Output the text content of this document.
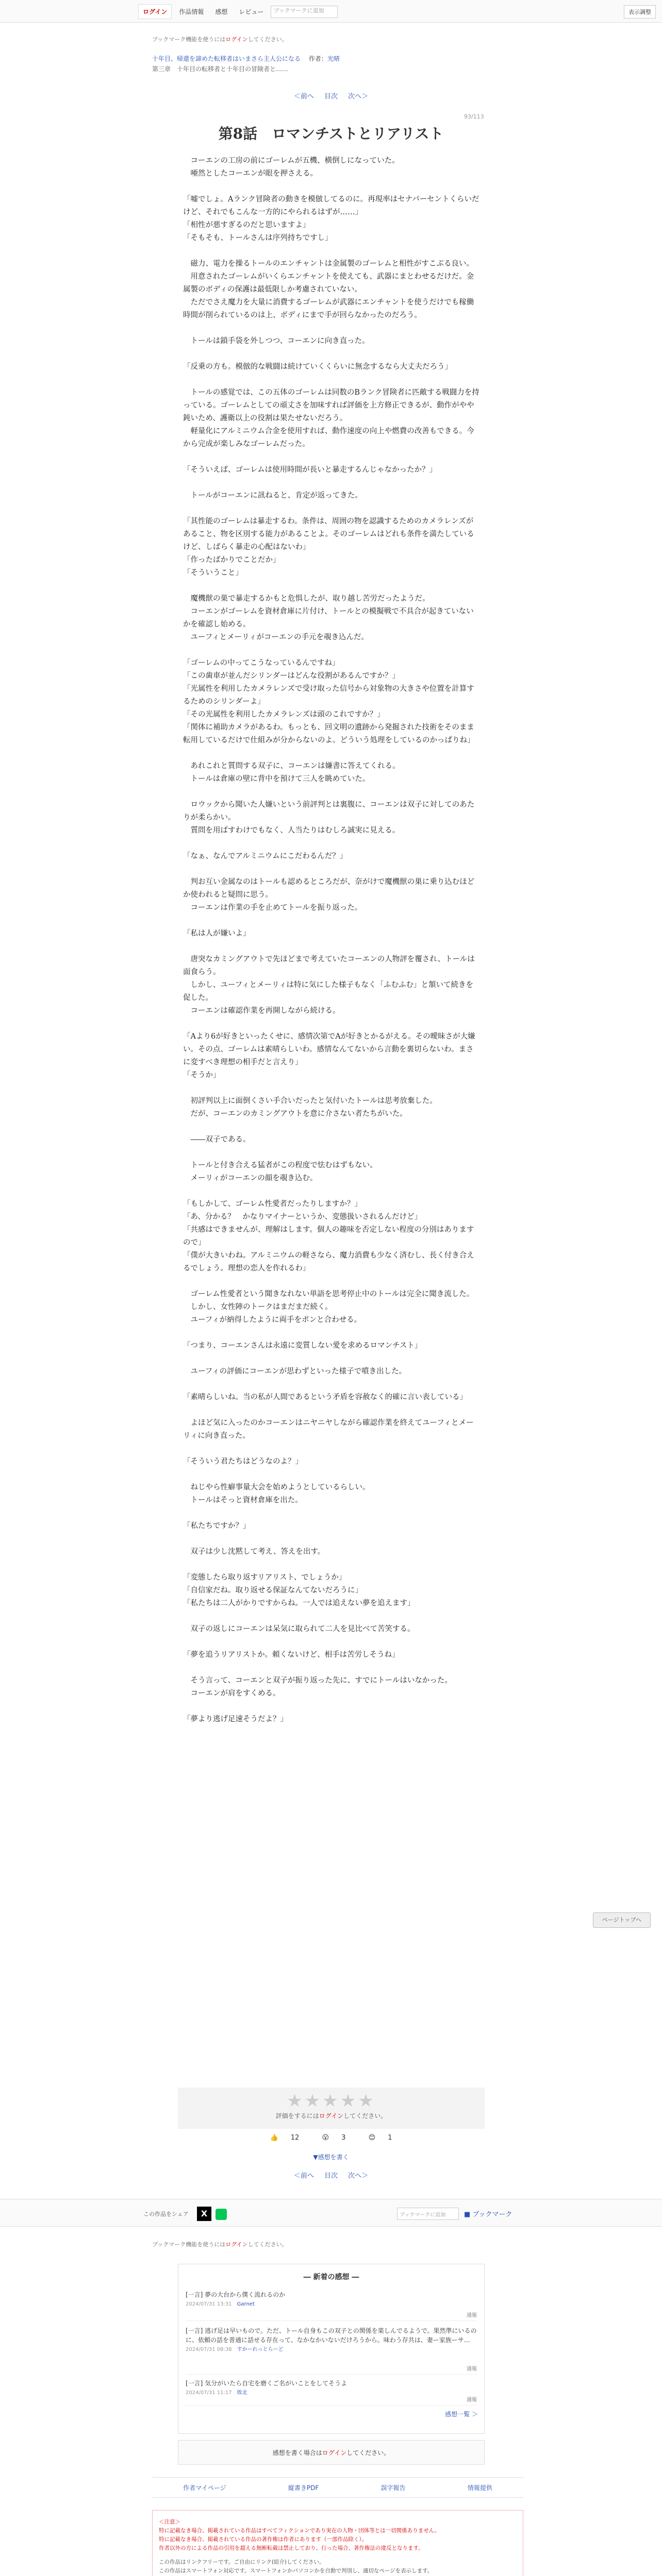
ログイン	作品情報	感想	レビュー	ブックマークに追加	表示調整
ブックマーク機能を使うにはログインしてください。
十年目、帰還を諦めた転移者はいまさら主人公になる 作者：光晴
第三章　十年目の転移者と十年目の冒険者と……
＜前へ 目次 次へ＞
93/113
第8話　ロマンチストとリアリスト

　コーエンの工房の前にゴーレムが五機、横倒しになっていた。

　唖然としたコーエンが眼を押さえる。

「嘘でしょ。Aランク冒険者の動きを模倣してるのに。再現率はセナパーセントくらいだけど、それでもこんな一方的にやられるはずが……」

「相性が悪すぎるのだと思いますよ」

「そもそも、トールさんは序列持ちですし」

　磁力、電力を操るトールのエンチャントは金属製のゴーレムと相性がすこぶる良い。

　用意されたゴーレムがいくらエンチャントを使えても、武器にまとわせるだけだ。金属製のボディの保護は最低限しか考慮されていない。

　ただでさえ魔力を大量に消費するゴーレムが武器にエンチャントを使うだけでも稼働時間が削られているのは上、ボディにまで手が回らなかったのだろう。

　トールは鎖手袋を外しつつ、コーエンに向き直った。

「反乗の方も。模倣的な戦闘は続けていくくらいに無念するなら大丈夫だろう」

　トールの感覚では、この五体のゴーレムは同数のBランク冒険者に匹敵する戦闘力を持っている。ゴーレムとしての頑丈さを加味すれば評価を上方修正できるが、動作がやや鈍いため、護衛以上の役割は果たせないだろう。

　軽量化にアルミニウム合金を使用すれば、動作速度の向上や燃費の改善もできる。今から完成が楽しみなゴーレムだった。

「そういえば、ゴーレムは使用時間が長いと暴走するんじゃなかったか？」

　トールがコーエンに訊ねると、肯定が返ってきた。

「其性能のゴーレムは暴走するわ。条件は、周囲の物を認識するためのカメラレンズがあること、物を区別する能力があることよ。そのゴーレムはどれも条件を満たしているけど、しばらく暴走の心配はないわ」

「作ったばかりでことだか」

「そういうこと」

　魔機獣の巣で暴走するかもと危惧したが、取り越し苦労だったようだ。

　コーエンがゴーレムを資材倉庫に片付け、トールとの模擬戦で不具合が起きていないかを確認し始める。

　ユーフィとメーリィがコーエンの手元を覗き込んだ。

「ゴーレムの中ってこうなっているんですね」

「この歯車が並んだシリンダーはどんな役割があるんですか？」

「光属性を利用したカメラレンズで受け取った信号から対象物の大きさや位置を計算するためのシリンダーよ」

「その光属性を利用したカメラレンズは頭のこれですか？」

「関体に補助カメラがあるわ。もっとも、回文明の遺跡から発掘された技術をそのまま転用しているだけで仕組みが分からないのよ。どういう処理をしているのかっぱりね」

　あれこれと質問する双子に、コーエンは嫌書に答えてくれる。

　トールは倉庫の壁に背中を預けて三人を眺めていた。

　ロウックから聞いた人嫌いという前評判とは裏腹に、コーエンは双子に対してのあたりが柔らかい。

　質問を用ばすわけでもなく、人当たりはむしろ誠実に見える。

「なぁ、なんでアルミニウムにこだわるんだ？」

　判お互い金属なのはトールも認めるところだが、奈がけで魔機獣の巣に乗り込むほどか使われると疑問に思う。

　コーエンは作業の手を止めてトールを振り返った。

「私は人が嫌いよ」

　唐突なカミングアウトで先ほどまで考えていたコーエンの人物評を覆され、トールは面食らう。

　しかし、ユーフィとメーリィは特に気にした様子もなく「ふむふむ」と頷いて続きを促した。

　コーエンは確認作業を再開しながら続ける。

「Aより6が好きといったくせに、感情次第でAが好きとかるがえる。その曖昧さが大嫌い。その点、ゴーレムは素晴らしいわ。感情なんてないから言動を裏切らないわ。まさに変すべき理想の相手だと言えり」

「そうか」

　初評判以上に面倒くさい手合いだったと気付いたトールは思考放棄した。

　だが、コーエンのカミングアウトを意に介さない者たちがいた。

　――双子である。

　トールと付き合える猛者がこの程度で怯むはずもない。

　メーリィがコーエンの顔を覗き込む。

「もしかして、ゴーレム性愛者だったりしますか？」

「あ、分かる？　かなりマイナーというか、変態扱いされるんだけど」

「共感はできませんが、理解はします。個人の趣味を否定しない程度の分別はありますので」

「僕が大きいわね。アルミニウムの軽さなら、魔力消費も少なく済むし、長く付き合えるでしょう。理想の恋人を作れるわ」

　ゴーレム性愛者という聞きなれない単語を思考停止中のトールは完全に聞き流した。

　しかし、女性陣のトークはまだまだ続く。

　ユーフィが納得したように両手をポンと合わせる。

「つまり、コーエンさんは永遠に変質しない愛を求めるロマンチスト」

　ユーフィの評価にコーエンが思わずといった様子で噴き出した。

「素晴らしいね。当の私が人間であるという矛盾を容赦なく的確に言い表している」

　よほど気に入ったのかコーエンはニヤニヤしながら確認作業を終えてユーフィとメーリィに向き直った。

「そういう君たちはどうなのよ？」

　ねじやら性癖事量大会を始めようとしているらしい。

　トールはそっと資材倉庫を出た。

「私たちですか？」

　双子は少し沈黙して考え、答えを出す。

「変態したら取り返すリアリスト、でしょうか」

「自信家だね。取り返せる保証なんてないだろうに」

「私たちは二人がかりですからね。一人では追えない夢を追えます」

　双子の返しにコーエンは呆気に取られて二人を見比べて苦笑する。

「夢を追うリアリストか。頼くないけど、相手は苦労しそうね」

　そう言って、コーエンと双子が振り返った先に、すでにトールはいなかった。

　コーエンが肩をすくめる。

「夢より逃げ足速そうだよ？」

ページトップへ
★★★★★
評価をするにはログインしてください。
👍 12	😮 3	😊 1
▼感想を書く
＜前へ 目次 次へ＞
この作品をシェア	X	ブックマークに追加	■ ブックマーク
ブックマーク機能を使うにはログインしてください。
― 新着の感想 ―
[一言] 夢の大台から僕く流れるのか
2024/07/31 13:31　 Garnet
通報
[一言] 逃げ足は早いもので。ただ、トール自身もこの双子との関係を楽しんでるようで。果然準にいるのに、依頼の話を普通に話せる存在って、なかなかいないだけろうから。味わう存共は、妻ー家族ーサ…
2024/07/31 08:38　 すかーれっとらーど
通報
[一言] 気分がいたら自宅を磨くご名がいことをしてそうよ
2024/07/31 11:17　 敗北
通報
感想一覧 ＞
感想を書く場合はログインしてください。
作者マイページ	縦書きPDF	誤字報告	情報提供
＜注意＞
特に記載なき場合、掲載されている作品はすべてフィクションであり実在の人物・団体等とは一切関係ありません。
特に記載なき場合、掲載されている作品の著作権は作者にあります（一部作品除く）。
作者以外の方による作品の引用を超える無断転載は禁止しており、行った場合、著作権法の違反となります。
この作品はリンクフリーです。ご自由にリンク(紹介)してください。
この作品はスマートフォン対応です。スマートフォンかパソコンかを自動で判別し、適切なページを表示します。
